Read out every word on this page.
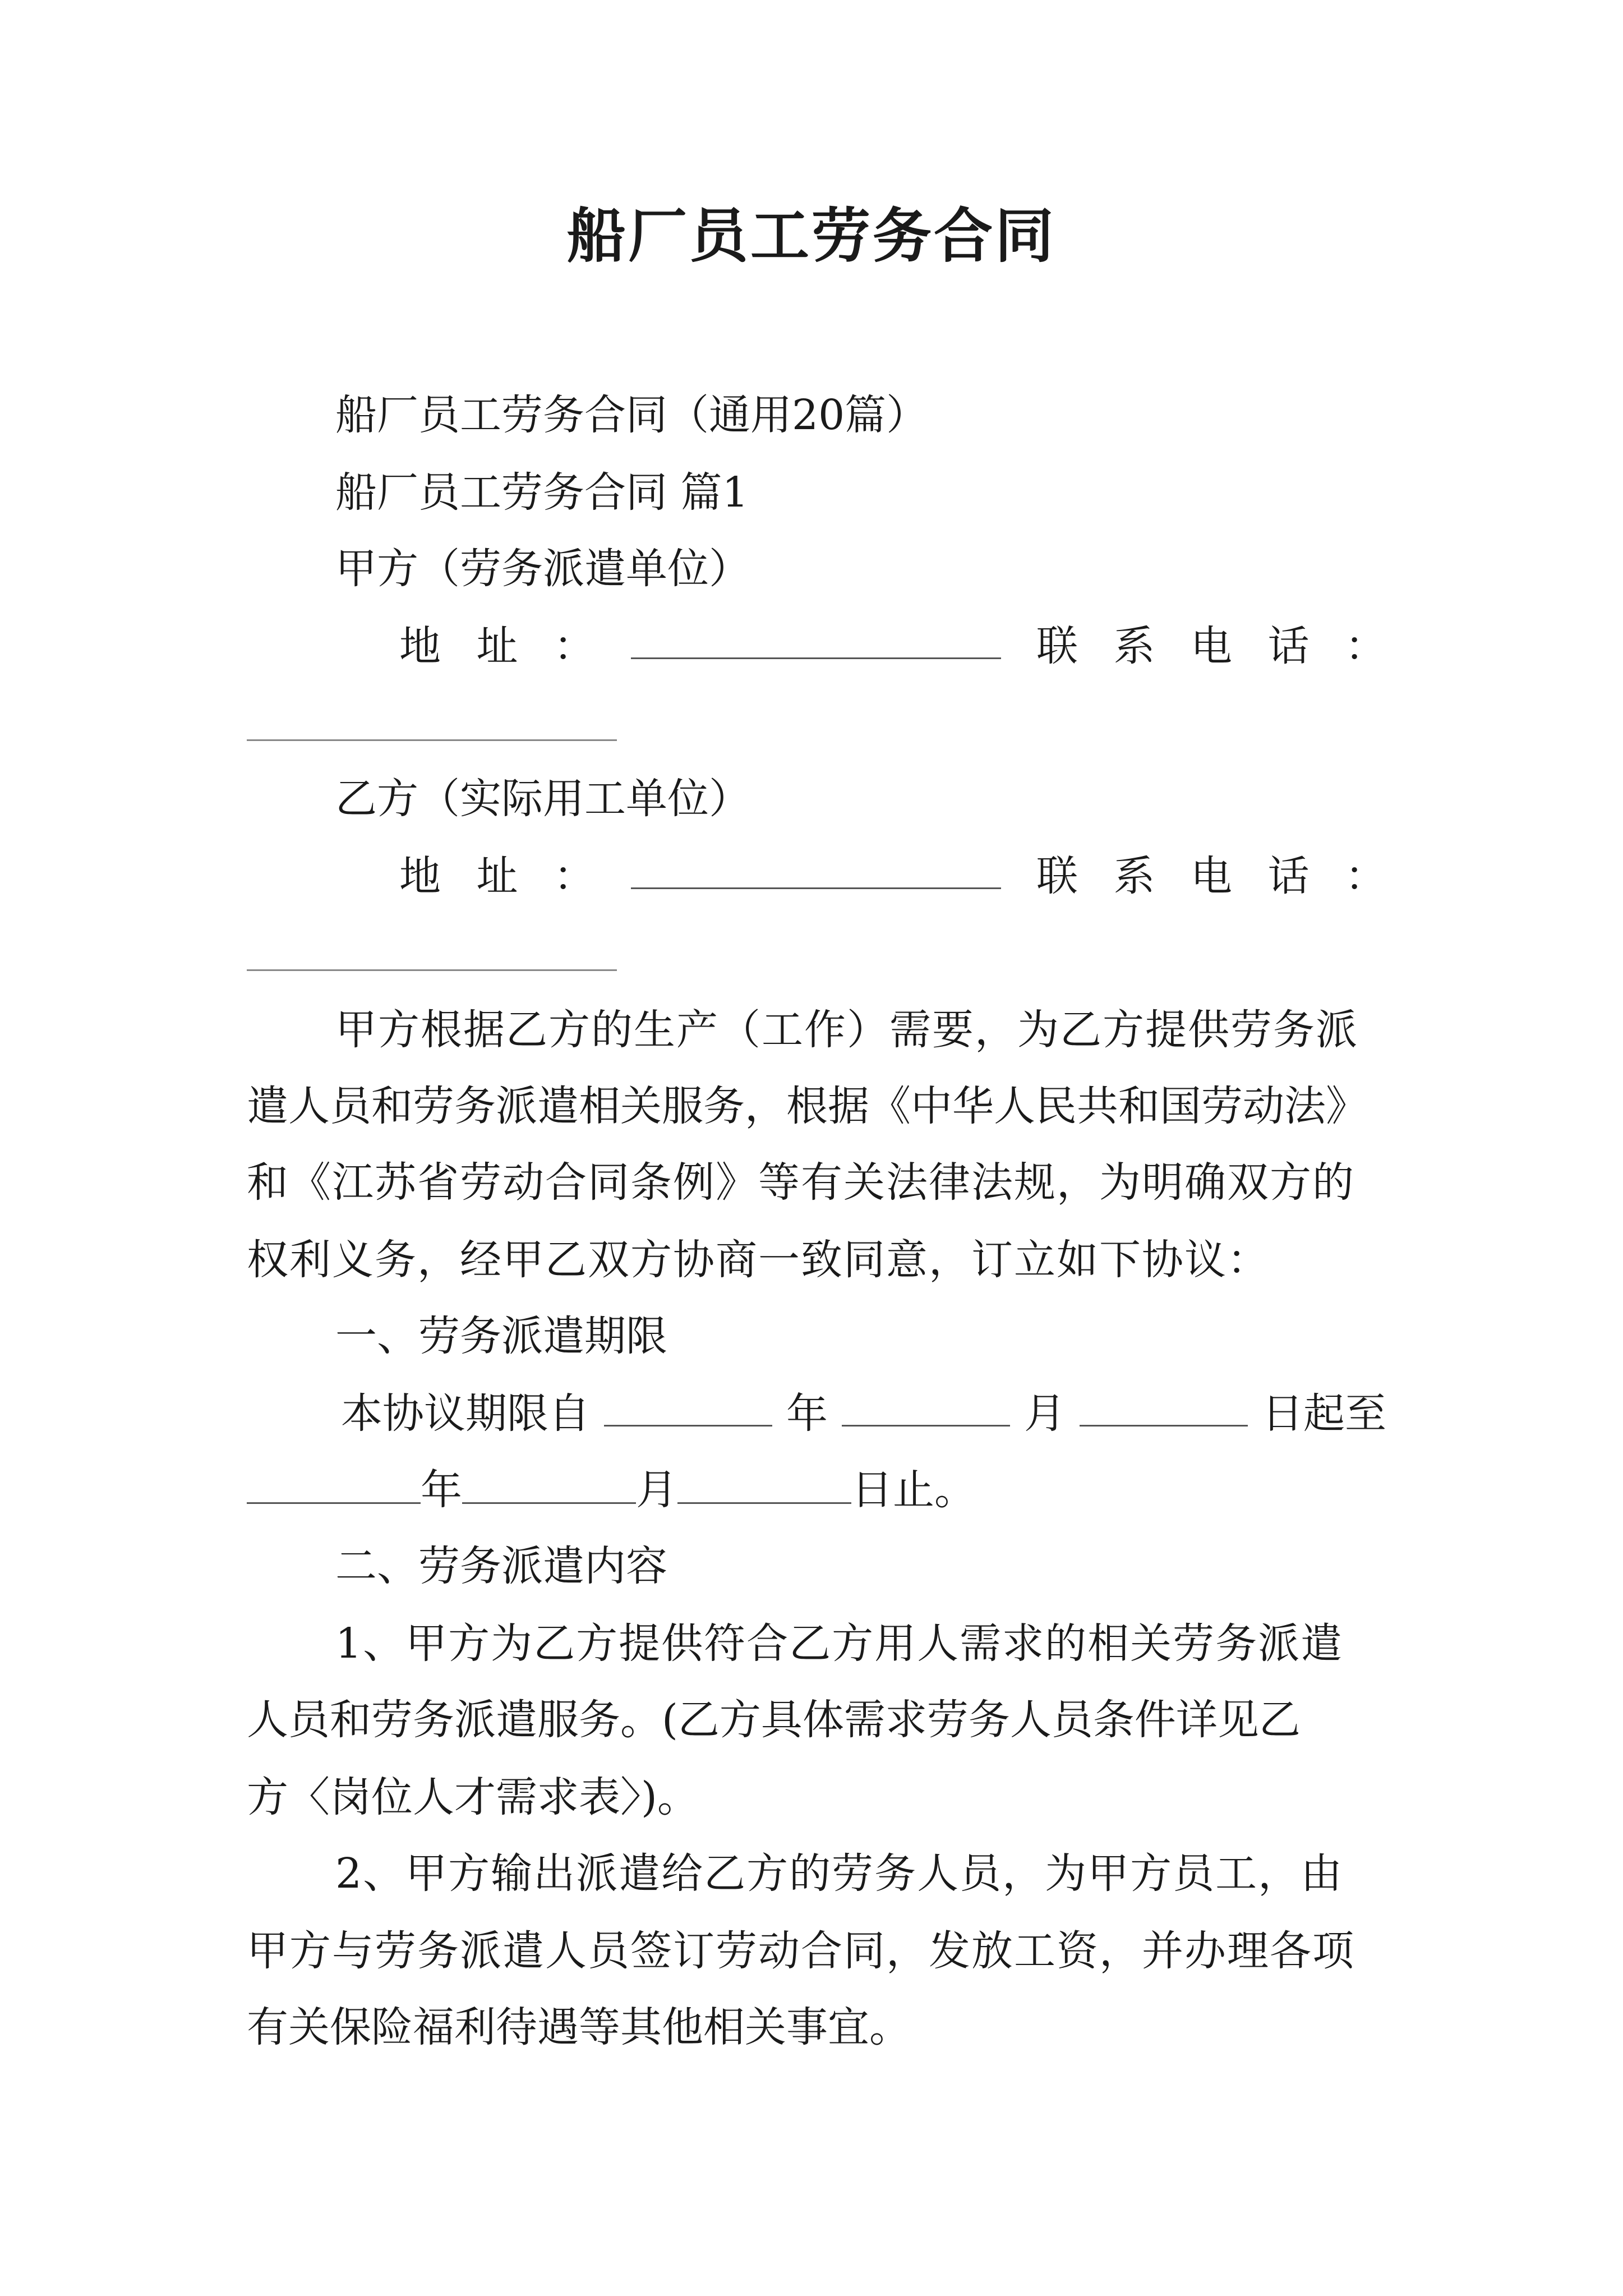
船厂员工劳务合同
船厂员工劳务合同（通用20篇）
船厂员工劳务合同 篇1
甲方（劳务派遣单位）
地 址 ：	联 系 电 话 ：
乙方（实际用工单位）
地 址 ：	联 系 电 话 ：
甲方根据乙方的生产（工作）需要，为乙方提供劳务派
遣人员和劳务派遣相关服务，根据《中华人民共和国劳动法》
和《江苏省劳动合同条例》等有关法律法规，为明确双方的
权利义务，经甲乙双方协商一致同意，订立如下协议：
一、劳务派遣期限
本协议期限自	年	月	日起至
年	月	日止。
二、劳务派遣内容
1、甲方为乙方提供符合乙方用人需求的相关劳务派遣
人员和劳务派遣服务。(乙方具体需求劳务人员条件详见乙
方〈岗位人才需求表〉)。
2、甲方输出派遣给乙方的劳务人员，为甲方员工，由
甲方与劳务派遣人员签订劳动合同，发放工资，并办理各项
有关保险福利待遇等其他相关事宜。
